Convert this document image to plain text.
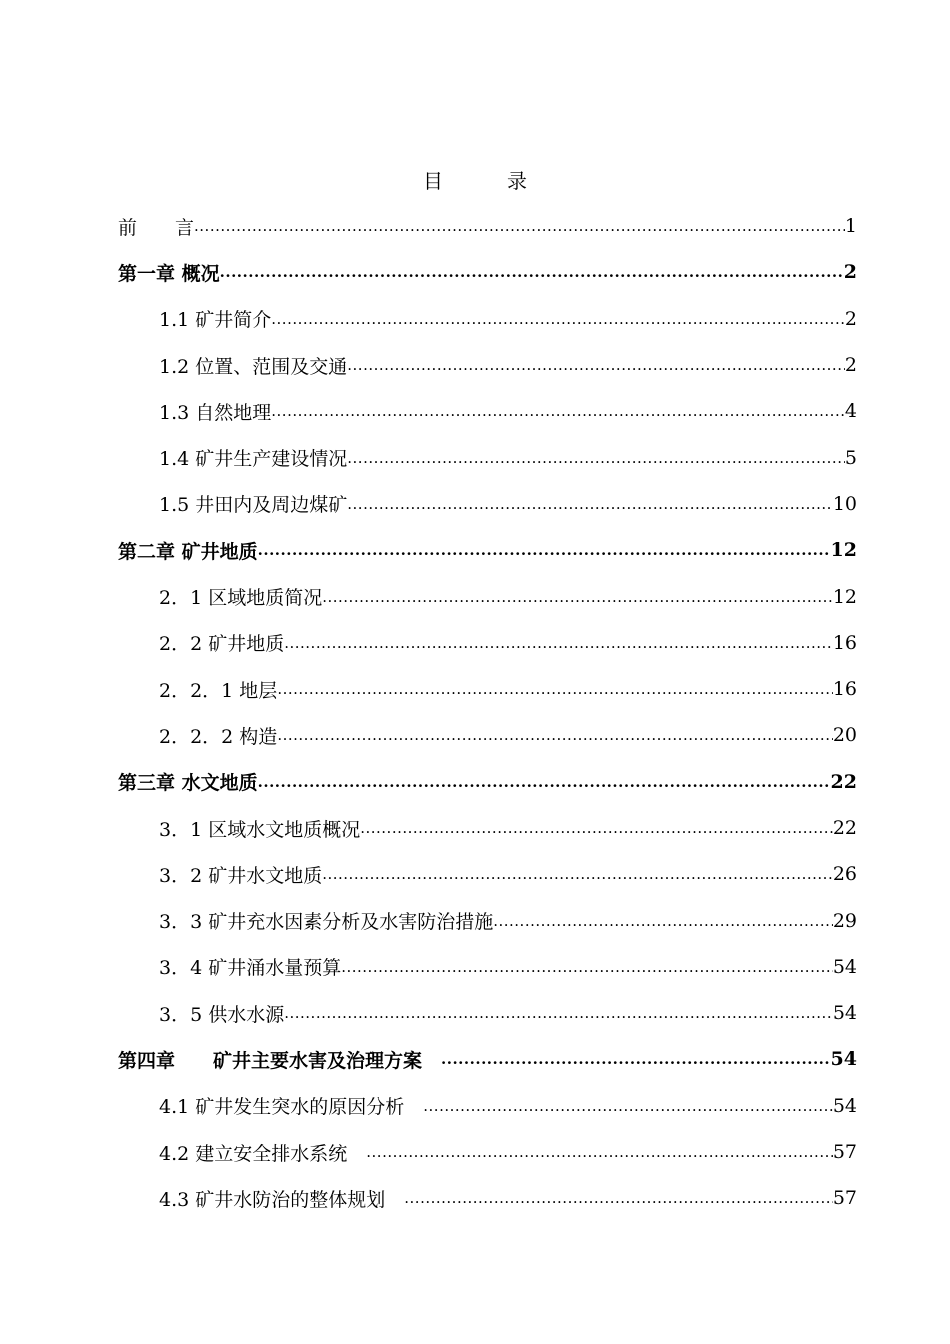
目　录
前　　言 .....	1
第一章 概况 .....	2
1.1 矿井简介 .....	2
1.2 位置、范围及交通 .....	2
1.3 自然地理 .....	4
1.4 矿井生产建设情况 .....	5
1.5 井田内及周边煤矿 .....	10
第二章 矿井地质 .....	12
2．1 区域地质简况 .....	12
2．2 矿井地质 .....	16
2．2．1 地层 .....	16
2．2．2 构造 .....	20
第三章 水文地质 .....	22
3．1 区域水文地质概况 .....	22
3．2 矿井水文地质 .....	26
3．3 矿井充水因素分析及水害防治措施 .....	29
3．4 矿井涌水量预算 .....	54
3．5 供水水源 .....	54
第四章　　矿井主要水害及治理方案　 .....	54
4.1 矿井发生突水的原因分析　 .....	54
4.2 建立安全排水系统　 .....	57
4.3 矿井水防治的整体规划　 .....	57
